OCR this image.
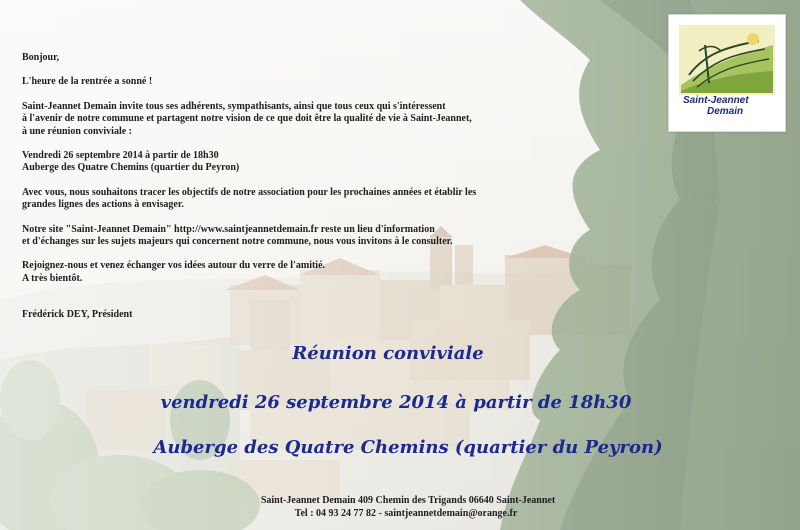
Bonjour,

L'heure de la rentrée a sonné !

Saint-Jeannet Demain invite tous ses adhérents, sympathisants, ainsi que tous ceux qui s'intéressent
à l'avenir de notre commune et partagent notre vision de ce que doit être la qualité de vie à Saint-Jeannet,
à une réunion conviviale :

Vendredi 26 septembre 2014 à partir de 18h30
Auberge des Quatre Chemins (quartier du Peyron)

Avec vous, nous souhaitons tracer les objectifs de notre association pour les prochaines années et établir les
grandes lignes des actions à envisager.

Notre site "Saint-Jeannet Demain" http://www.saintjeannetdemain.fr reste un lieu d'information
et d'échanges sur les sujets majeurs qui concernent notre commune, nous vous invitons à le consulter.

Rejoignez-nous et venez échanger vos idées autour du verre de l'amitié.
A très bientôt.

Frédérick DEY, Président

Saint-Jeannet
Demain
Réunion conviviale
vendredi 26 septembre 2014 à partir de 18h30
Auberge des Quatre Chemins (quartier du Peyron)
Saint-Jeannet Demain 409 Chemin des Trigands 06640 Saint-Jeannet
Tel : 04 93 24 77 82 - saintjeannetdemain@orange.fr
